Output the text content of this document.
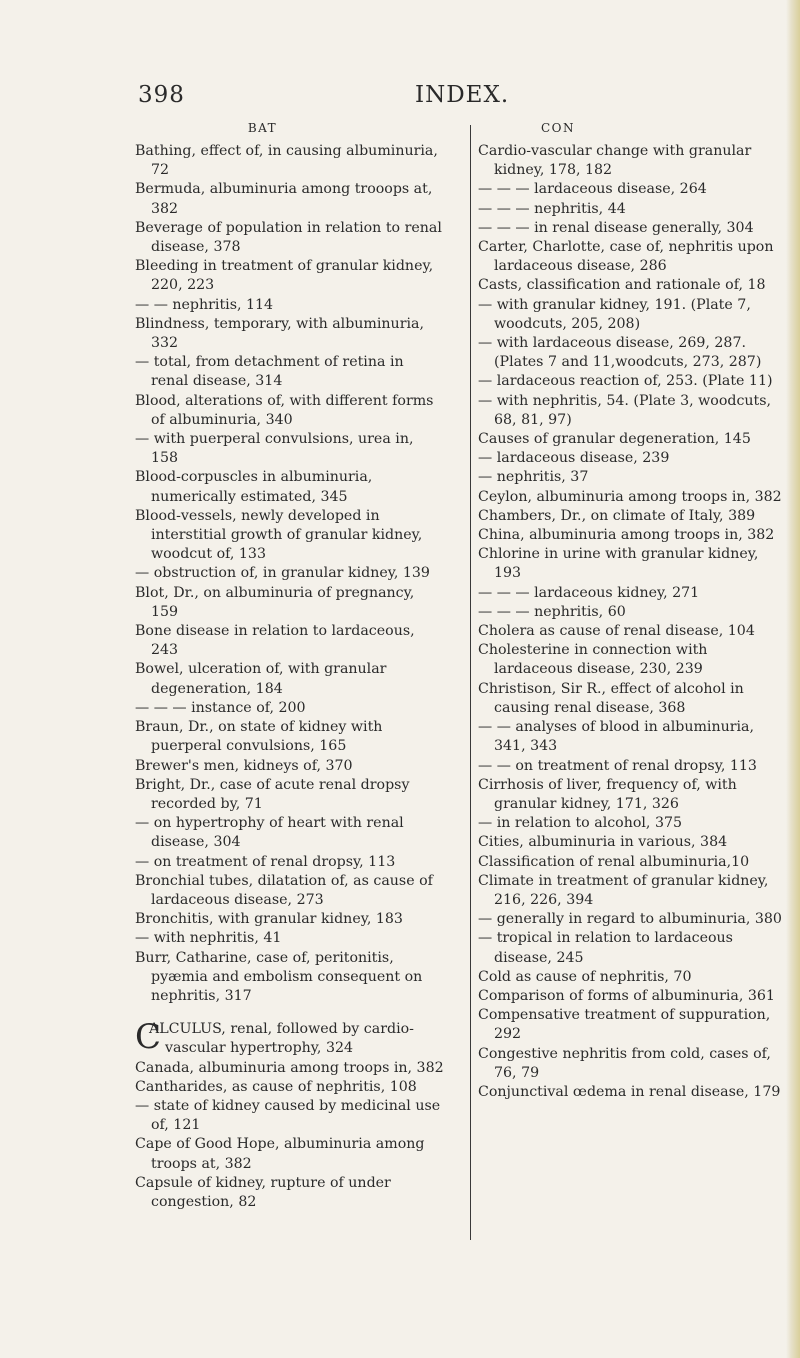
398	INDEX.
BAT

Bathing, effect of, in causing albuminuria, 72

Bermuda, albuminuria among trooops at, 382

Beverage of population in relation to renal disease, 378

Bleeding in treatment of granular kidney, 220, 223

— — nephritis, 114

Blindness, temporary, with albuminuria, 332

— total, from detachment of retina in renal disease, 314

Blood, alterations of, with different forms of albuminuria, 340

— with puerperal convulsions, urea in, 158

Blood-corpuscles in albuminuria, numerically estimated, 345

Blood-vessels, newly developed in interstitial growth of granular kidney, woodcut of, 133

— obstruction of, in granular kidney, 139

Blot, Dr., on albuminuria of pregnancy, 159

Bone disease in relation to lardaceous, 243

Bowel, ulceration of, with granular degeneration, 184

— — — instance of, 200

Braun, Dr., on state of kidney with puerperal convulsions, 165

Brewer's men, kidneys of, 370

Bright, Dr., case of acute renal dropsy recorded by, 71

— on hypertrophy of heart with renal disease, 304

— on treatment of renal dropsy, 113

Bronchial tubes, dilatation of, as cause of lardaceous disease, 273

Bronchitis, with granular kidney, 183

— with nephritis, 41

Burr, Catharine, case of, peritonitis, pyæmia and embolism consequent on nephritis, 317

C
ALCULUS, renal, followed by cardio-vascular hypertrophy, 324

Canada, albuminuria among troops in, 382

Cantharides, as cause of nephritis, 108

— state of kidney caused by medicinal use of, 121

Cape of Good Hope, albuminuria among troops at, 382

Capsule of kidney, rupture of under congestion, 82

CON

Cardio-vascular change with granular kidney, 178, 182

— — — lardaceous disease, 264

— — — nephritis, 44

— — — in renal disease generally, 304

Carter, Charlotte, case of, nephritis upon lardaceous disease, 286

Casts, classification and rationale of, 18

— with granular kidney, 191. (Plate 7, woodcuts, 205, 208)

— with lardaceous disease, 269, 287. (Plates 7 and 11,woodcuts, 273, 287)

— lardaceous reaction of, 253. (Plate 11)

— with nephritis, 54. (Plate 3, woodcuts, 68, 81, 97)

Causes of granular degeneration, 145

— lardaceous disease, 239

— nephritis, 37

Ceylon, albuminuria among troops in, 382

Chambers, Dr., on climate of Italy, 389

China, albuminuria among troops in, 382

Chlorine in urine with granular kidney, 193

— — — lardaceous kidney, 271

— — — nephritis, 60

Cholera as cause of renal disease, 104

Cholesterine in connection with lardaceous disease, 230, 239

Christison, Sir R., effect of alcohol in causing renal disease, 368

— — analyses of blood in albuminuria, 341, 343

— — on treatment of renal dropsy, 113

Cirrhosis of liver, frequency of, with granular kidney, 171, 326

— in relation to alcohol, 375

Cities, albuminuria in various, 384

Classification of renal albuminuria,10

Climate in treatment of granular kidney, 216, 226, 394

— generally in regard to albuminuria, 380

— tropical in relation to lardaceous disease, 245

Cold as cause of nephritis, 70

Comparison of forms of albuminuria, 361

Compensative treatment of suppuration, 292

Congestive nephritis from cold, cases of, 76, 79

Conjunctival œdema in renal disease, 179
